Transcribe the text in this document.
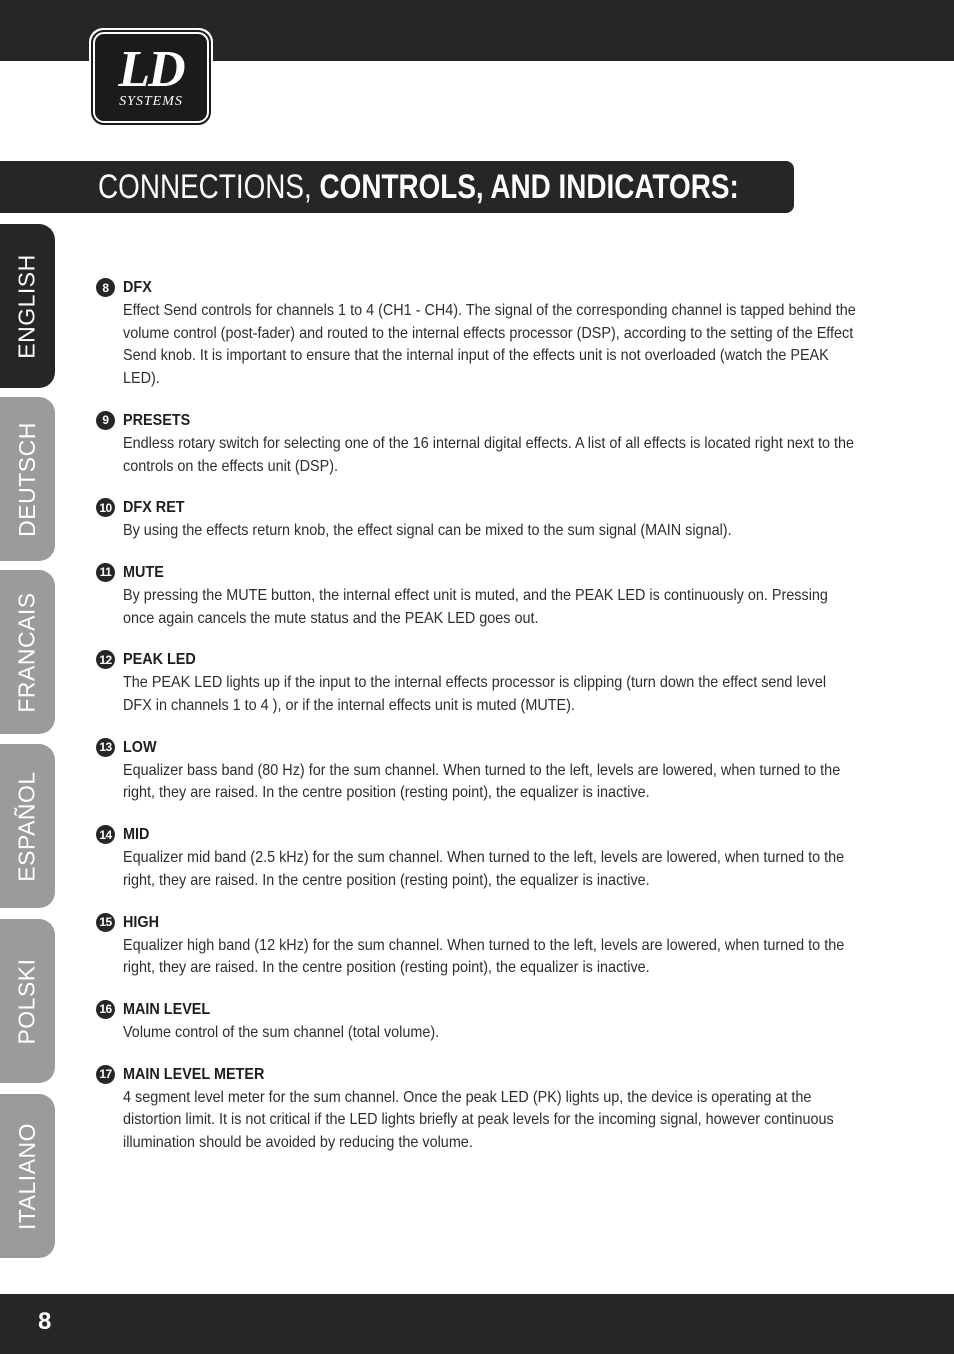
LD
SYSTEMS
CONNECTIONS, CONTROLS, AND INDICATORS:
ENGLISH
DEUTSCH
FRANCAIS
ESPAÑOL
POLSKI
ITALIANO
8 DFX

Effect Send controls for channels 1 to 4 (CH1 - CH4). The signal of the corresponding channel is tapped behind the volume control (post-fader) and routed to the internal effects processor (DSP), according to the setting of the Effect Send knob. It is important to ensure that the internal input of the effects unit is not overloaded (watch the PEAK LED).

9 PRESETS

Endless rotary switch for selecting one of the 16 internal digital effects. A list of all effects is located right next to the controls on the effects unit (DSP).

10 DFX RET

By using the effects return knob, the effect signal can be mixed to the sum signal (MAIN signal).

11 MUTE

By pressing the MUTE button, the internal effect unit is muted, and the PEAK LED is continuously on. Pressing once again cancels the mute status and the PEAK LED goes out.

12 PEAK LED

The PEAK LED lights up if the input to the internal effects processor is clipping (turn down the effect send level DFX in channels 1 to 4 ), or if the internal effects unit is muted (MUTE).

13 LOW

Equalizer bass band (80 Hz) for the sum channel. When turned to the left, levels are lowered, when turned to the right, they are raised. In the centre position (resting point), the equalizer is inactive.

14 MID

Equalizer mid band (2.5 kHz) for the sum channel. When turned to the left, levels are lowered, when turned to the right, they are raised. In the centre position (resting point), the equalizer is inactive.

15 HIGH

Equalizer high band (12 kHz) for the sum channel. When turned to the left, levels are lowered, when turned to the right, they are raised. In the centre position (resting point), the equalizer is inactive.

16 MAIN LEVEL

Volume control of the sum channel (total volume).

17 MAIN LEVEL METER

4 segment level meter for the sum channel. Once the peak LED (PK) lights up, the device is operating at the distortion limit. It is not critical if the LED lights briefly at peak levels for the incoming signal, however continuous illumination should be avoided by reducing the volume.

8
